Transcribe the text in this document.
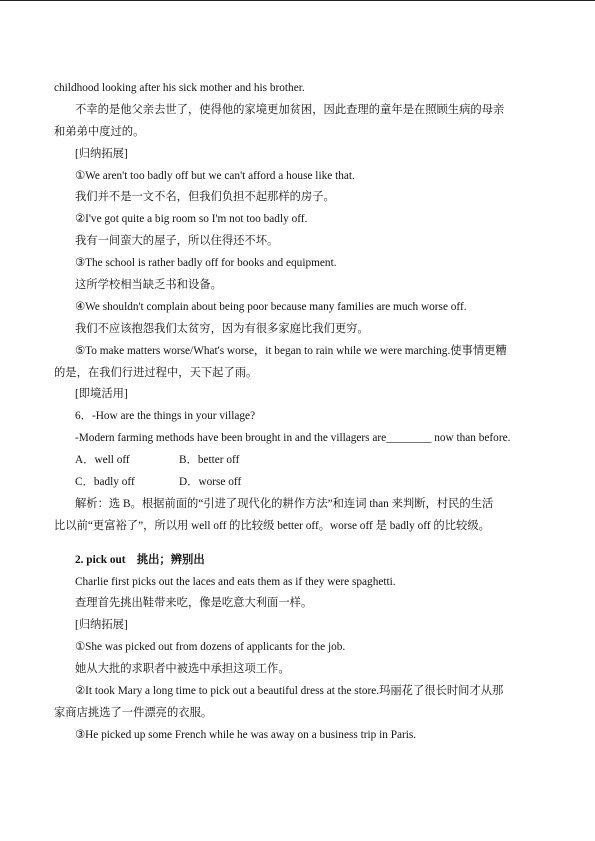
childhood looking after his sick mother and his brother.
不幸的是他父亲去世了，使得他的家境更加贫困，因此查理的童年是在照顾生病的母亲
和弟弟中度过的。
[归纳拓展]
①We aren't too badly off but we can't afford a house like that.
我们并不是一文不名，但我们负担不起那样的房子。
②I've got quite a big room so I'm not too badly off.
我有一间蛮大的屋子，所以住得还不坏。
③The school is rather badly off for books and equipment.
这所学校相当缺乏书和设备。
④We shouldn't complain about being poor because many families are much worse off.
我们不应该抱怨我们太贫穷，因为有很多家庭比我们更穷。
⑤To make matters worse/What's worse，it began to rain while we were marching.使事情更糟
的是，在我们行进过程中，天下起了雨。
[即境活用]
6．-How are the things in your village?
-Modern farming methods have been brought in and the villagers are________ now than before.
A．well off	B．better off
C．badly off	D．worse off
解析：选 B。根据前面的“引进了现代化的耕作方法”和连词 than 来判断，村民的生活
比以前“更富裕了”，所以用 well off 的比较级 better off。worse off 是 badly off 的比较级。
2. pick out　挑出；辨别出
Charlie first picks out the laces and eats them as if they were spaghetti.
查理首先挑出鞋带来吃，像是吃意大利面一样。
[归纳拓展]
①She was picked out from dozens of applicants for the job.
她从大批的求职者中被选中承担这项工作。
②It took Mary a long time to pick out a beautiful dress at the store.玛丽花了很长时间才从那
家商店挑选了一件漂亮的衣服。
③He picked up some French while he was away on a business trip in Paris.
